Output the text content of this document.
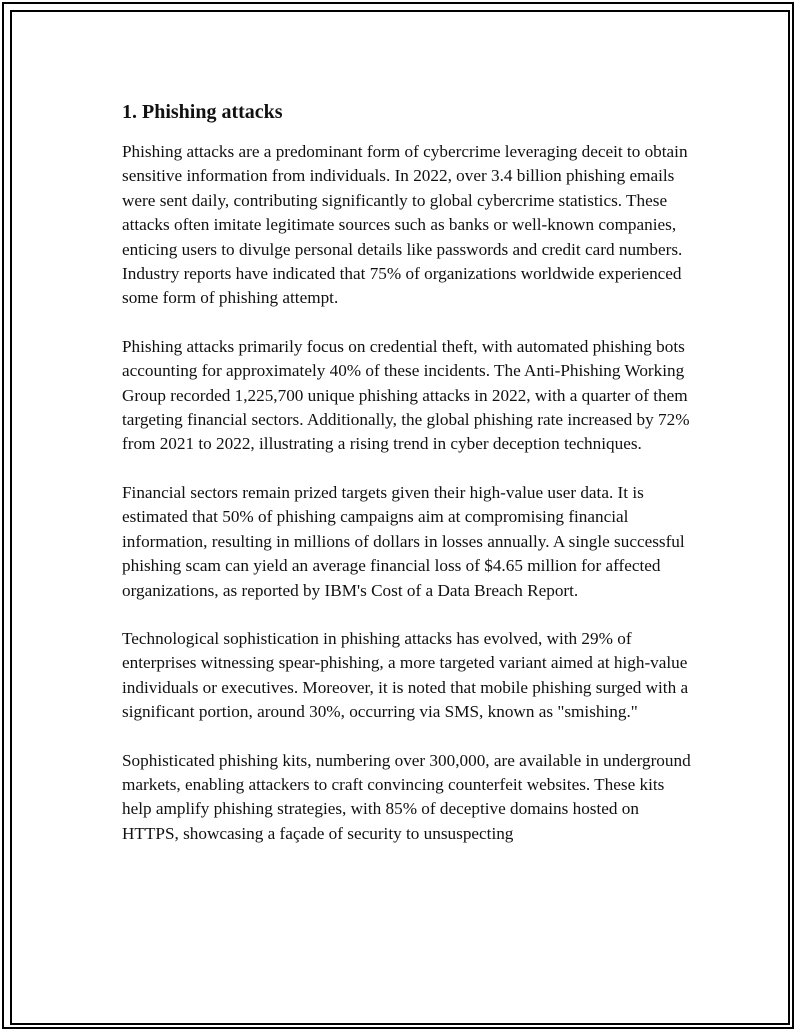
1. Phishing attacks

Phishing attacks are a predominant form of cybercrime leveraging deceit to obtain sensitive information from individuals. In 2022, over 3.4 billion phishing emails were sent daily, contributing significantly to global cybercrime statistics. These attacks often imitate legitimate sources such as banks or well-known companies, enticing users to divulge personal details like passwords and credit card numbers. Industry reports have indicated that 75% of organizations worldwide experienced some form of phishing attempt.

Phishing attacks primarily focus on credential theft, with automated phishing bots accounting for approximately 40% of these incidents. The Anti-Phishing Working Group recorded 1,225,700 unique phishing attacks in 2022, with a quarter of them targeting financial sectors. Additionally, the global phishing rate increased by 72% from 2021 to 2022, illustrating a rising trend in cyber deception techniques.

Financial sectors remain prized targets given their high-value user data. It is estimated that 50% of phishing campaigns aim at compromising financial information, resulting in millions of dollars in losses annually. A single successful phishing scam can yield an average financial loss of $4.65 million for affected organizations, as reported by IBM's Cost of a Data Breach Report.

Technological sophistication in phishing attacks has evolved, with 29% of enterprises witnessing spear-phishing, a more targeted variant aimed at high-value individuals or executives. Moreover, it is noted that mobile phishing surged with a significant portion, around 30%, occurring via SMS, known as "smishing."

Sophisticated phishing kits, numbering over 300,000, are available in underground markets, enabling attackers to craft convincing counterfeit websites. These kits help amplify phishing strategies, with 85% of deceptive domains hosted on HTTPS, showcasing a façade of security to unsuspecting
